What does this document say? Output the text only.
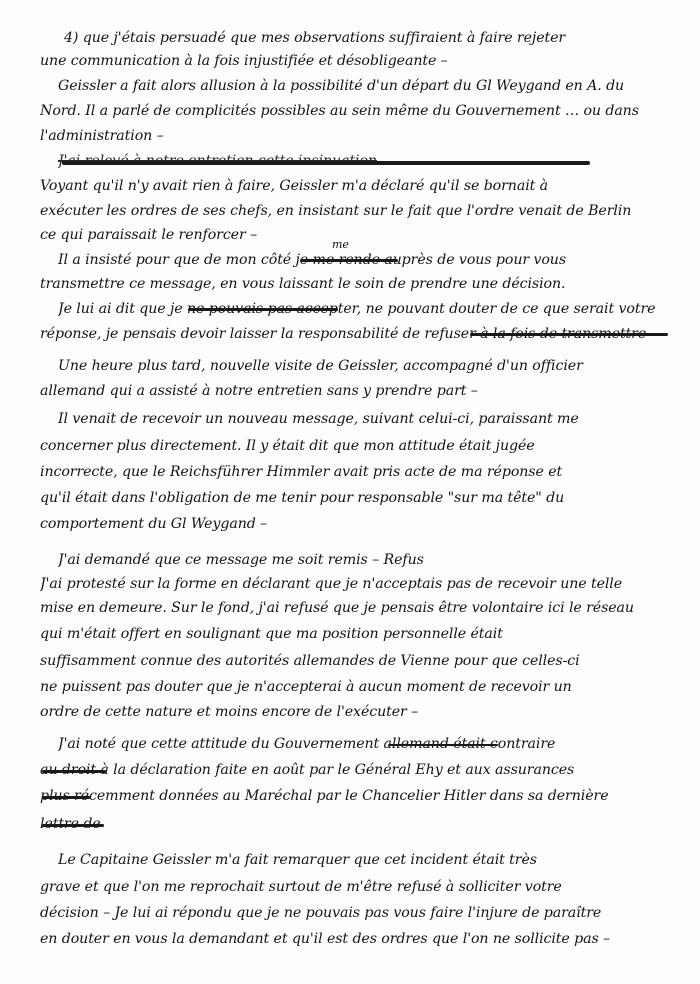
4) que j'étais persuadé que mes observations suffiraient à faire rejeter

une communication à la fois injustifiée et désobligeante –

Geissler a fait alors allusion à la possibilité d'un départ du Gl Weygand en A. du

Nord. Il a parlé de complicités possibles au sein même du Gouvernement … ou dans

l'administration –

J'ai relevé à notre entretien cette insinuation

Voyant qu'il n'y avait rien à faire, Geissler m'a déclaré qu'il se bornait à

exécuter les ordres de ses chefs, en insistant sur le fait que l'ordre venait de Berlin

ce qui paraissait le renforcer –

Il a insisté pour que de mon côté je me rende auprès de vous pour vous

me

transmettre ce message, en vous laissant le soin de prendre une décision.

Je lui ai dit que je ne pouvais pas accepter, ne pouvant douter de ce que serait votre

réponse, je pensais devoir laisser la responsabilité de refuser à la fois de transmettre

Une heure plus tard, nouvelle visite de Geissler, accompagné d'un officier

allemand qui a assisté à notre entretien sans y prendre part –

Il venait de recevoir un nouveau message, suivant celui-ci, paraissant me

concerner plus directement. Il y était dit que mon attitude était jugée

incorrecte, que le Reichsführer Himmler avait pris acte de ma réponse et

qu'il était dans l'obligation de me tenir pour responsable "sur ma tête" du

comportement du Gl Weygand –

J'ai demandé que ce message me soit remis – Refus

J'ai protesté sur la forme en déclarant que je n'acceptais pas de recevoir une telle

mise en demeure. Sur le fond, j'ai refusé que je pensais être volontaire ici le réseau

qui m'était offert en soulignant que ma position personnelle était

suffisamment connue des autorités allemandes de Vienne pour que celles-ci

ne puissent pas douter que je n'accepterai à aucun moment de recevoir un

ordre de cette nature et moins encore de l'exécuter –

J'ai noté que cette attitude du Gouvernement allemand était contraire

au droit à la déclaration faite en août par le Général Ehy et aux assurances

plus récemment données au Maréchal par le Chancelier Hitler dans sa dernière

lettre de

Le Capitaine Geissler m'a fait remarquer que cet incident était très

grave et que l'on me reprochait surtout de m'être refusé à solliciter votre

décision – Je lui ai répondu que je ne pouvais pas vous faire l'injure de paraître

en douter en vous la demandant et qu'il est des ordres que l'on ne sollicite pas –
